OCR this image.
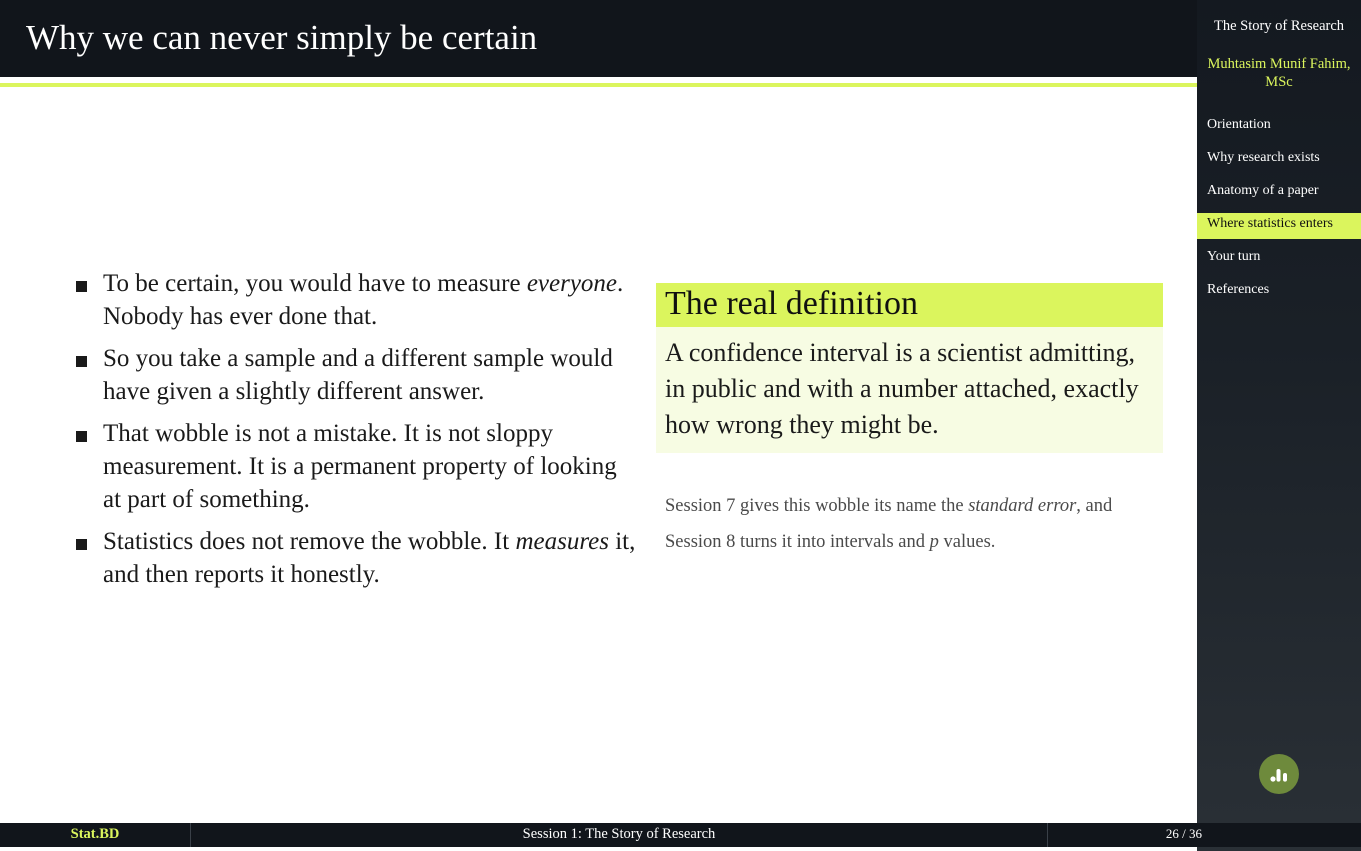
Why we can never simply be certain
To be certain, you would have to measure everyone. Nobody has ever done that.
So you take a sample and a different sample would have given a slightly different answer.
That wobble is not a mistake. It is not sloppy measurement. It is a permanent property of looking at part of something.
Statistics does not remove the wobble. It measures it, and then reports it honestly.
The real definition
A confidence interval is a scientist admitting, in public and with a number attached, exactly how wrong they might be.
Session 7 gives this wobble its name the standard error, and Session 8 turns it into intervals and p values.
The Story of Research
Muhtasim Munif Fahim, MSc
Orientation
Why research exists
Anatomy of a paper
Where statistics enters
Your turn
References
Stat.BD	Session 1: The Story of Research	26 / 36
